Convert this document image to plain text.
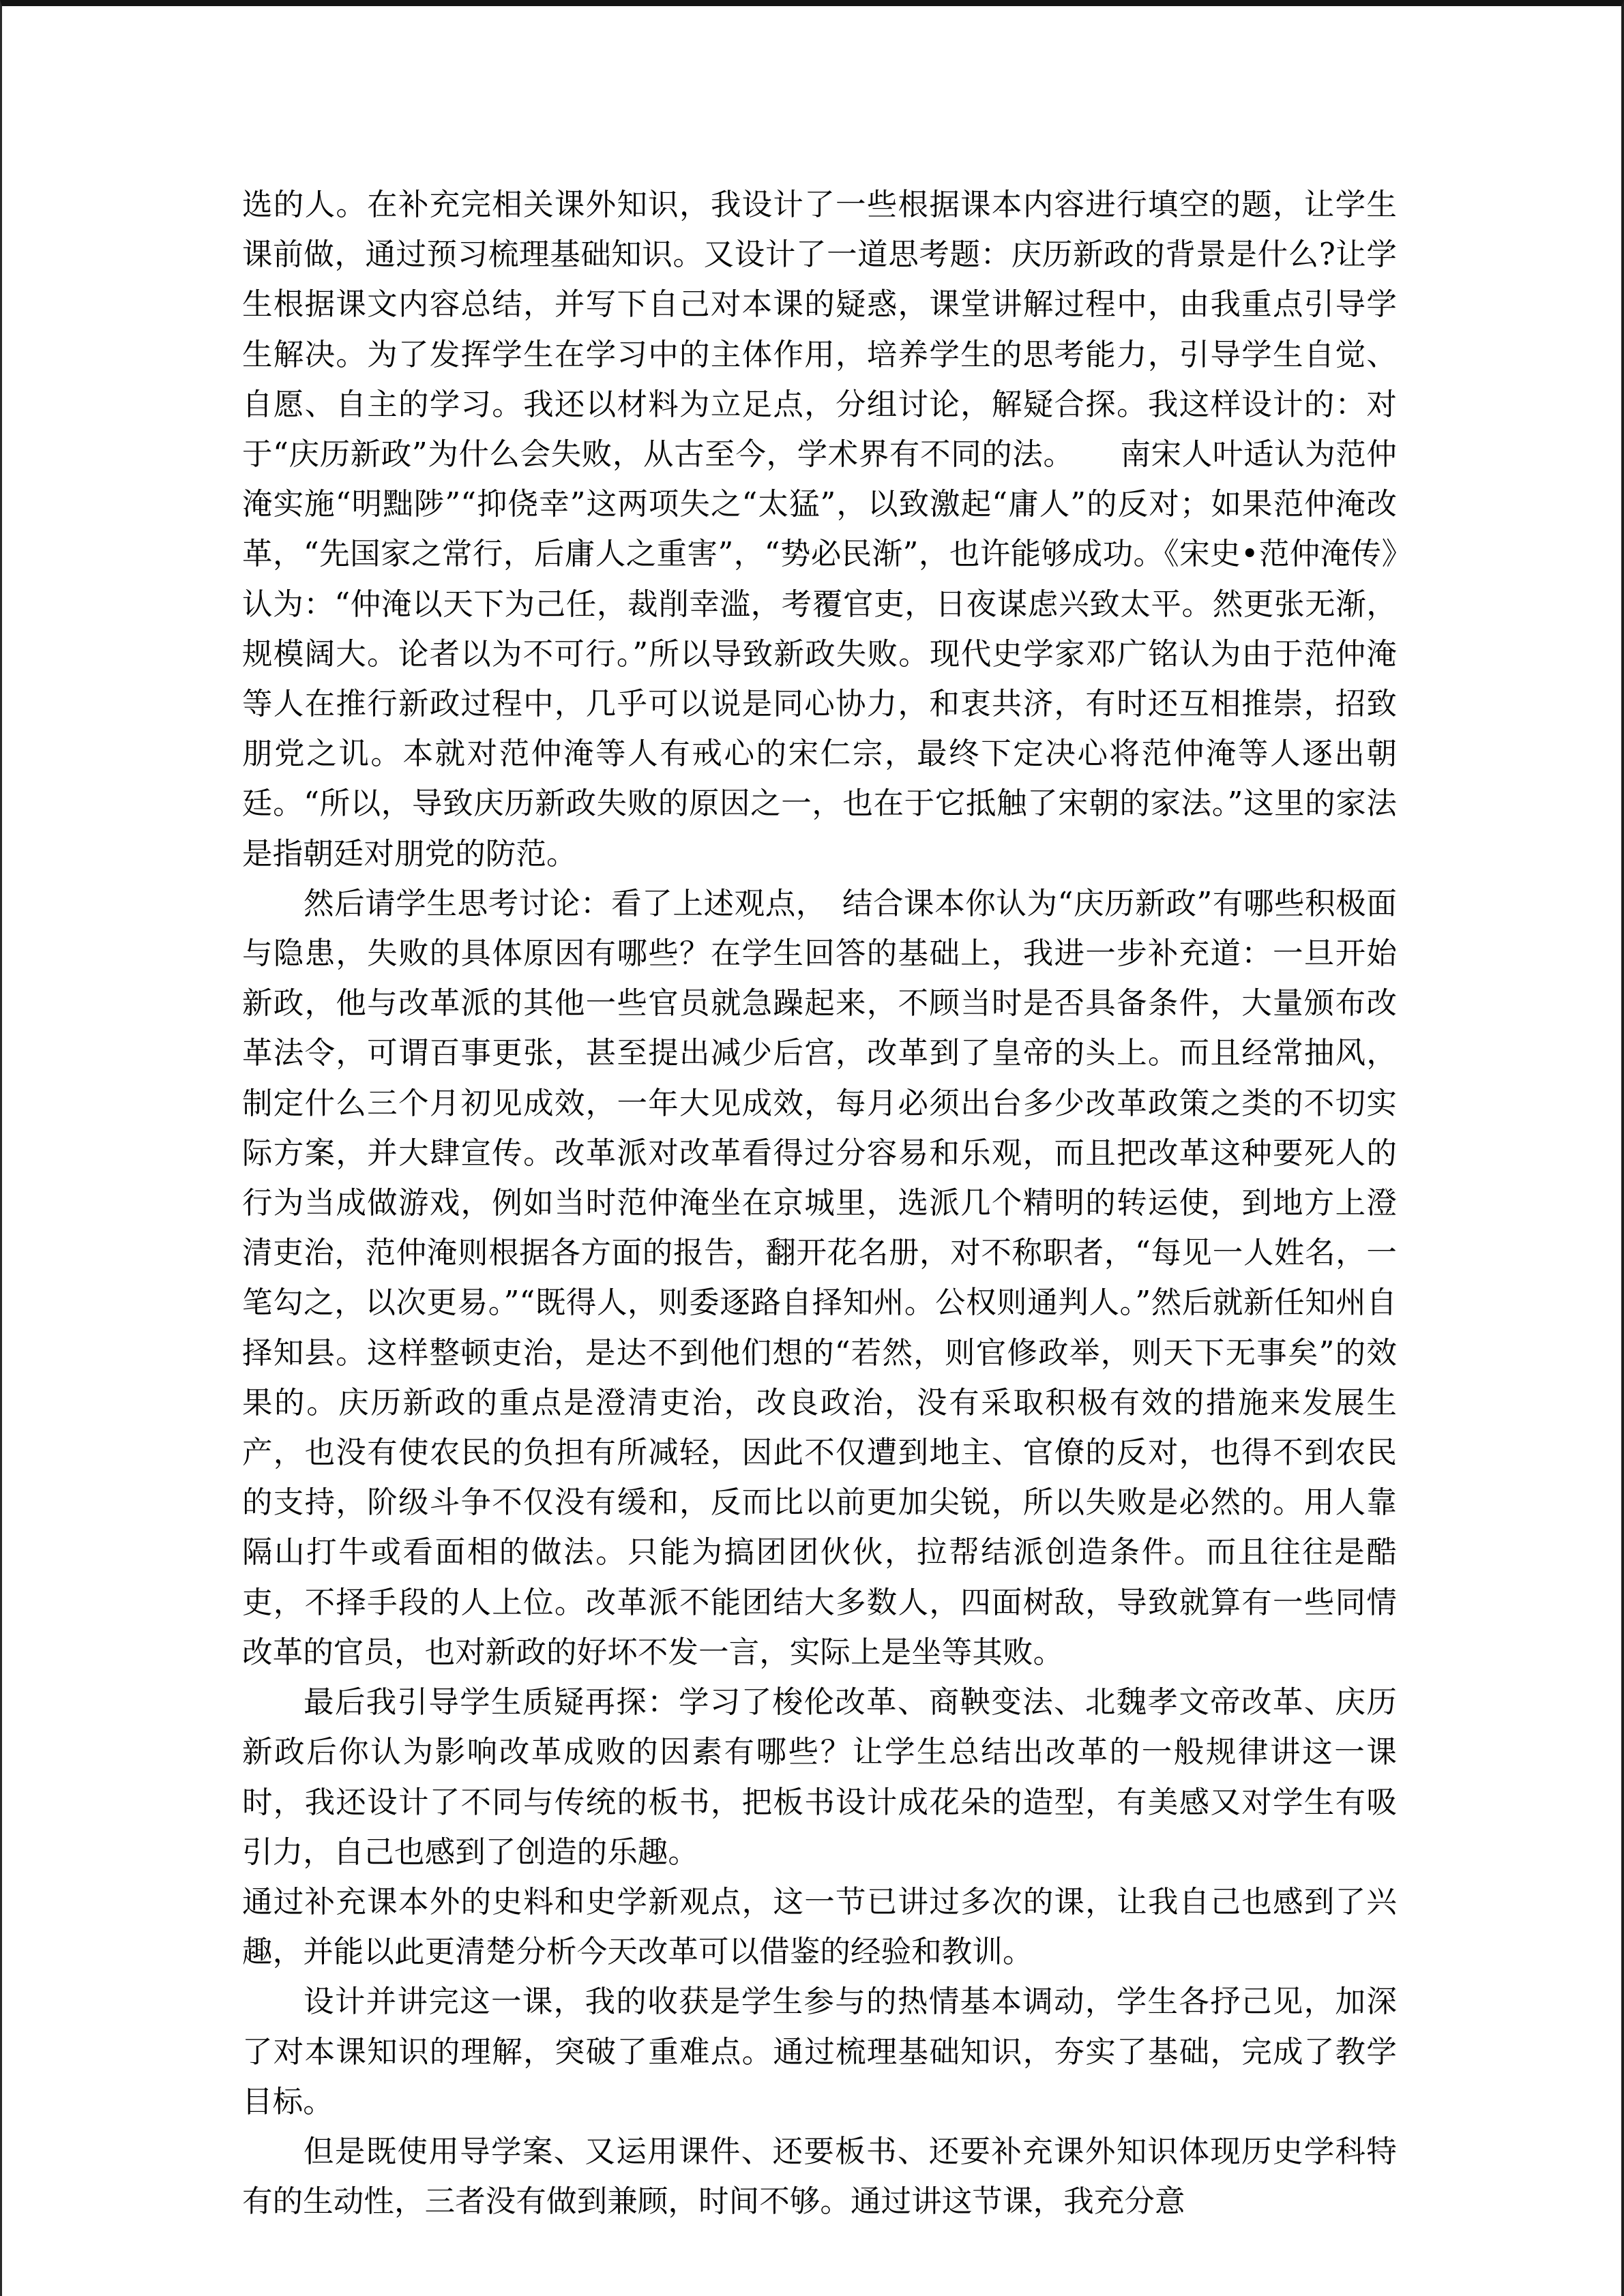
选的人。在补充完相关课外知识，我设计了一些根据课本内容进行填空的题，让学生课前做，通过预习梳理基础知识。又设计了一道思考题：庆历新政的背景是什么?让学生根据课文内容总结，并写下自己对本课的疑惑，课堂讲解过程中，由我重点引导学生解决。为了发挥学生在学习中的主体作用，培养学生的思考能力，引导学生自觉、自愿、自主的学习。我还以材料为立足点，分组讨论，解疑合探。我这样设计的：对于“庆历新政”为什么会失败，从古至今，学术界有不同的法。　　南宋人叶适认为范仲淹实施“明黜陟”“抑侥幸”这两项失之“太猛”，以致激起“庸人”的反对；如果范仲淹改革，“先国家之常行，后庸人之重害”，“势必民渐”，也许能够成功。《宋史•范仲淹传》认为：“仲淹以天下为己任，裁削幸滥，考覆官吏，日夜谋虑兴致太平。然更张无渐，规模阔大。论者以为不可行。”所以导致新政失败。现代史学家邓广铭认为由于范仲淹等人在推行新政过程中，几乎可以说是同心协力，和衷共济，有时还互相推崇，招致朋党之讥。本就对范仲淹等人有戒心的宋仁宗，最终下定决心将范仲淹等人逐出朝廷。“所以，导致庆历新政失败的原因之一，也在于它抵触了宋朝的家法。”这里的家法是指朝廷对朋党的防范。

然后请学生思考讨论：看了上述观点，　结合课本你认为“庆历新政”有哪些积极面与隐患，失败的具体原因有哪些？在学生回答的基础上，我进一步补充道：一旦开始新政，他与改革派的其他一些官员就急躁起来，不顾当时是否具备条件，大量颁布改革法令，可谓百事更张，甚至提出减少后宫，改革到了皇帝的头上。而且经常抽风，制定什么三个月初见成效，一年大见成效，每月必须出台多少改革政策之类的不切实际方案，并大肆宣传。改革派对改革看得过分容易和乐观，而且把改革这种要死人的行为当成做游戏，例如当时范仲淹坐在京城里，选派几个精明的转运使，到地方上澄清吏治，范仲淹则根据各方面的报告，翻开花名册，对不称职者，“每见一人姓名，一笔勾之，以次更易。”“既得人，则委逐路自择知州。公权则通判人。”然后就新任知州自择知县。这样整顿吏治，是达不到他们想的“若然，则官修政举，则天下无事矣”的效果的。庆历新政的重点是澄清吏治，改良政治，没有采取积极有效的措施来发展生产，也没有使农民的负担有所减轻，因此不仅遭到地主、官僚的反对，也得不到农民的支持，阶级斗争不仅没有缓和，反而比以前更加尖锐，所以失败是必然的。用人靠隔山打牛或看面相的做法。只能为搞团团伙伙，拉帮结派创造条件。而且往往是酷吏，不择手段的人上位。改革派不能团结大多数人，四面树敌，导致就算有一些同情改革的官员，也对新政的好坏不发一言，实际上是坐等其败。

最后我引导学生质疑再探：学习了梭伦改革、商鞅变法、北魏孝文帝改革、庆历新政后你认为影响改革成败的因素有哪些？让学生总结出改革的一般规律讲这一课时，我还设计了不同与传统的板书，把板书设计成花朵的造型，有美感又对学生有吸引力，自己也感到了创造的乐趣。

通过补充课本外的史料和史学新观点，这一节已讲过多次的课，让我自己也感到了兴趣，并能以此更清楚分析今天改革可以借鉴的经验和教训。

设计并讲完这一课，我的收获是学生参与的热情基本调动，学生各抒己见，加深了对本课知识的理解，突破了重难点。通过梳理基础知识，夯实了基础，完成了教学目标。

但是既使用导学案、又运用课件、还要板书、还要补充课外知识体现历史学科特有的生动性，三者没有做到兼顾，时间不够。通过讲这节课，我充分意
